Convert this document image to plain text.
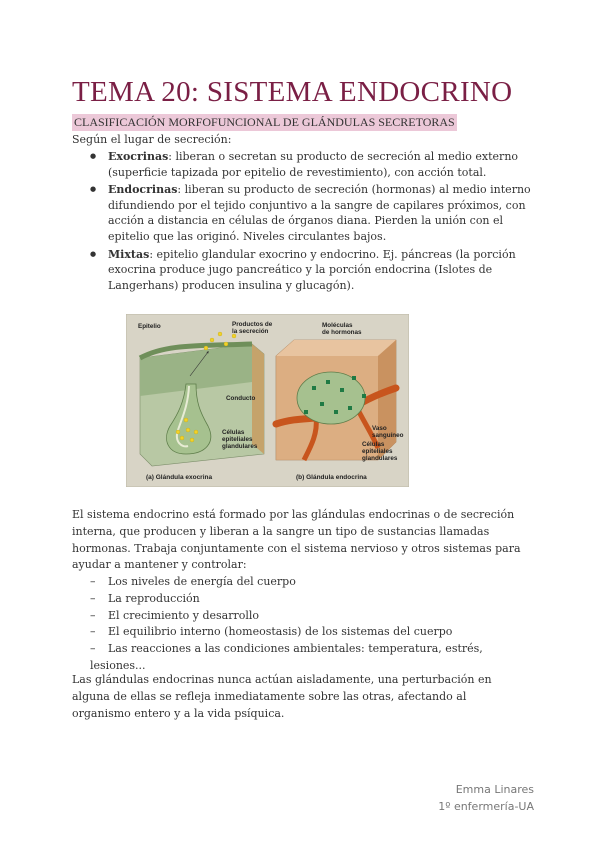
TEMA 20: SISTEMA ENDOCRINO
CLASIFICACIÓN MORFOFUNCIONAL DE GLÁNDULAS SECRETORAS
Según el lugar de secreción:
● Exocrinas: liberan o secretan su producto de secreción al medio externo (superficie tapizada por epitelio de revestimiento), con acción total.
● Endocrinas: liberan su producto de secreción (hormonas) al medio interno difundiendo por el tejido conjuntivo a la sangre de capilares próximos, con acción a distancia en células de órganos diana. Pierden la unión con el epitelio que las originó. Niveles circulantes bajos.
● Mixtas: epitelio glandular exocrino y endocrino. Ej. páncreas (la porción exocrina produce jugo pancreático y la porción endocrina (Islotes de Langerhans) producen insulina y glucagón).
Epitelio	Productos de
la secreción
Conducto
Células
epiteliales
glandulares
(a) Glándula exocrina
Moléculas
de hormonas
Vaso
sanguíneo
Células
epiteliales
glandulares
(b) Glándula endocrina

El sistema endocrino está formado por las glándulas endocrinas o de secreción interna, que producen y liberan a la sangre un tipo de sustancias llamadas hormonas. Trabaja conjuntamente con el sistema nervioso y otros sistemas para ayudar a mantener y controlar:

– Los niveles de energía del cuerpo
– La reproducción
– El crecimiento y desarrollo
– El equilibrio interno (homeostasis) de los sistemas del cuerpo
– Las reacciones a las condiciones ambientales: temperatura, estrés, lesiones...

Las glándulas endocrinas nunca actúan aisladamente, una perturbación en alguna de ellas se refleja inmediatamente sobre las otras, afectando al organismo entero y a la vida psíquica.

Emma Linares
1º enfermería-UA
